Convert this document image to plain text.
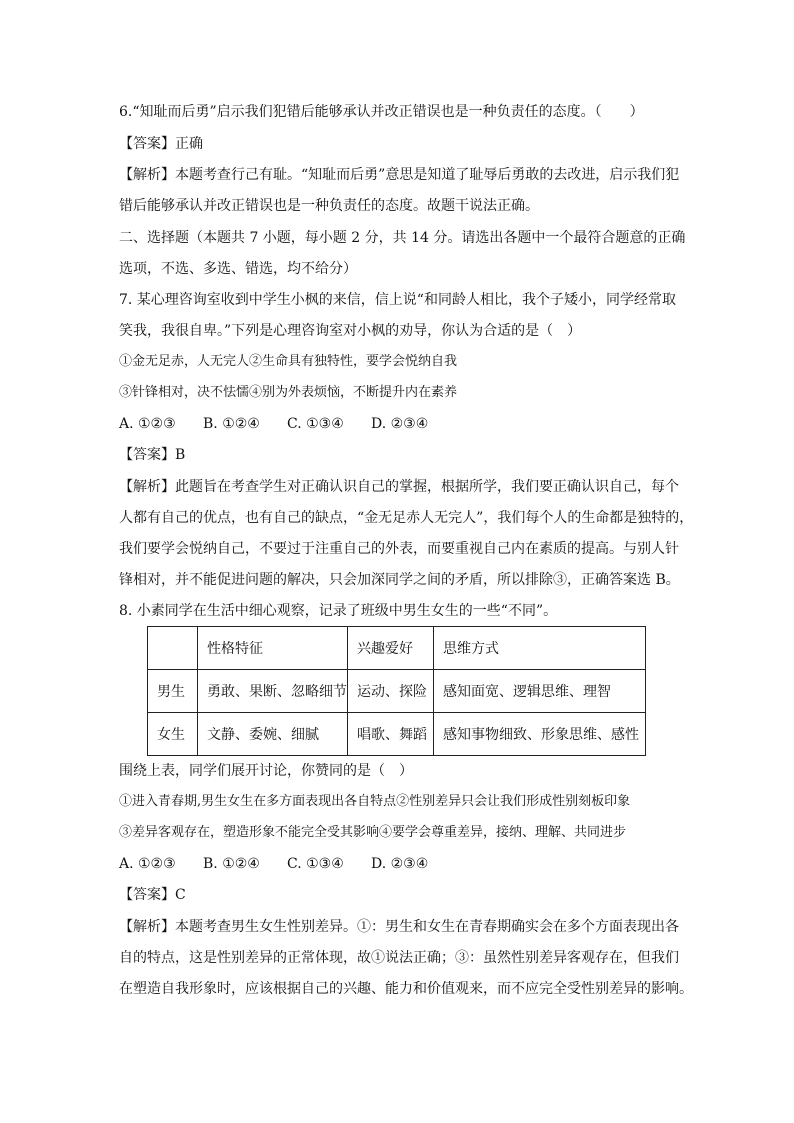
6.“知耻而后勇”启示我们犯错后能够承认并改正错误也是一种负责任的态度。（　　）
【答案】正确
【解析】本题考查行己有耻。“知耻而后勇”意思是知道了耻辱后勇敢的去改进，启示我们犯
错后能够承认并改正错误也是一种负责任的态度。故题干说法正确。
二、选择题（本题共 7 小题，每小题 2 分，共 14 分。请选出各题中一个最符合题意的正确
选项，不选、多选、错选，均不给分）
7. 某心理咨询室收到中学生小枫的来信，信上说“和同龄人相比，我个子矮小，同学经常取
笑我，我很自卑。”下列是心理咨询室对小枫的劝导，你认为合适的是（　）
①金无足赤，人无完人②生命具有独特性，要学会悦纳自我
③针锋相对，决不怯懦④别为外表烦恼，不断提升内在素养
A. ①②③ B. ①②④ C. ①③④ D. ②③④
【答案】B
【解析】此题旨在考查学生对正确认识自己的掌握，根据所学，我们要正确认识自己，每个
人都有自己的优点，也有自己的缺点，“金无足赤人无完人”，我们每个人的生命都是独特的，
我们要学会悦纳自己，不要过于注重自己的外表，而要重视自己内在素质的提高。与别人针
锋相对，并不能促进问题的解决，只会加深同学之间的矛盾，所以排除③，正确答案选 B。
8. 小素同学在生活中细心观察，记录了班级中男生女生的一些“不同”。
	性格特征	兴趣爱好	思维方式
男生	勇敢、果断、忽略细节	运动、探险	感知面宽、逻辑思维、理智
女生	文静、委婉、细腻	唱歌、舞蹈	感知事物细致、形象思维、感性
围绕上表，同学们展开讨论，你赞同的是（　）
①进入青春期,男生女生在多方面表现出各自特点②性别差异只会让我们形成性别刻板印象
③差异客观存在，塑造形象不能完全受其影响④要学会尊重差异，接纳、理解、共同进步
A. ①②③ B. ①②④ C. ①③④ D. ②③④
【答案】C
【解析】本题考查男生女生性别差异。①：男生和女生在青春期确实会在多个方面表现出各
自的特点，这是性别差异的正常体现，故①说法正确；③：虽然性别差异客观存在，但我们
在塑造自我形象时，应该根据自己的兴趣、能力和价值观来，而不应完全受性别差异的影响。
